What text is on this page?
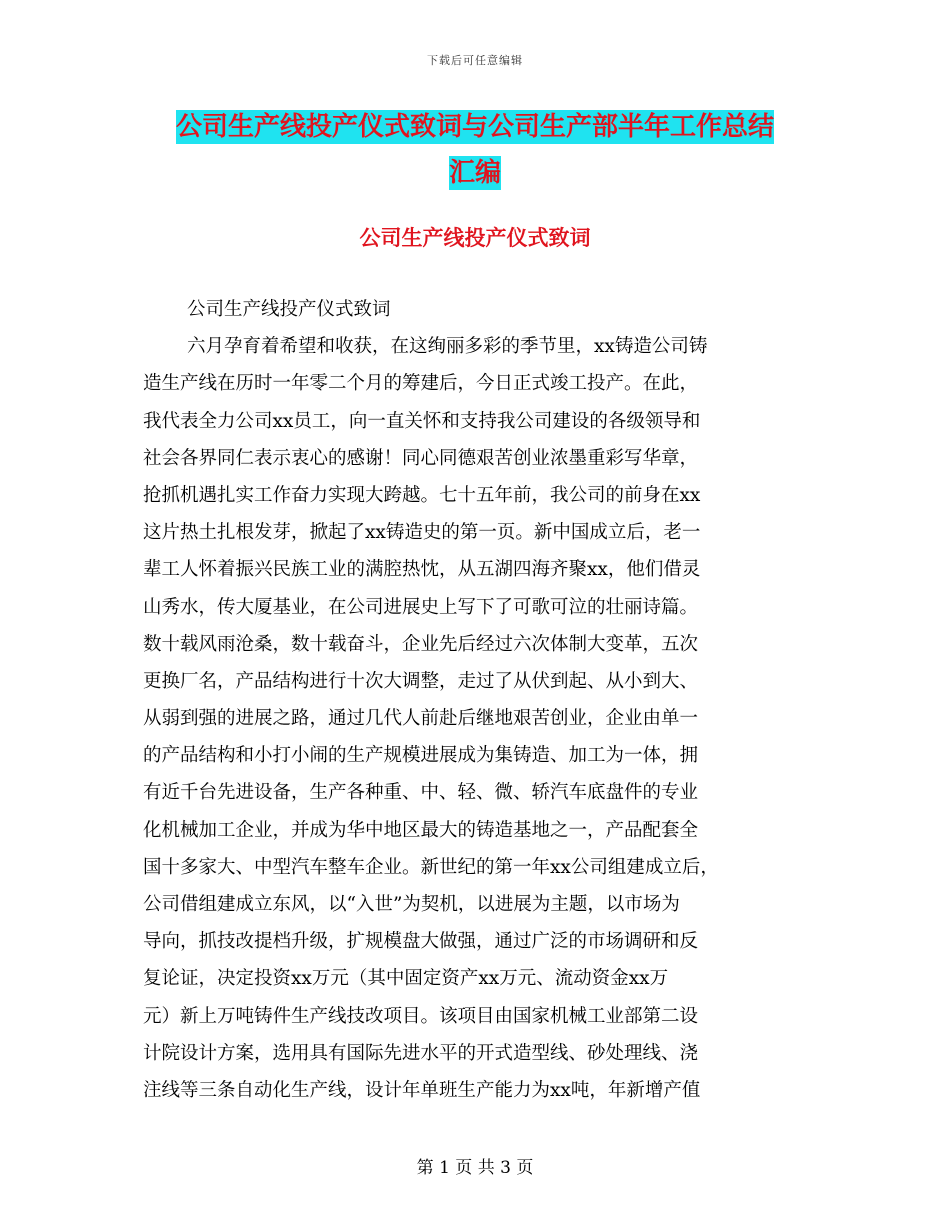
下载后可任意编辑
公司生产线投产仪式致词与公司生产部半年工作总结
汇编
公司生产线投产仪式致词
公司生产线投产仪式致词
六月孕育着希望和收获，在这绚丽多彩的季节里，xx铸造公司铸
造生产线在历时一年零二个月的筹建后，今日正式竣工投产。在此，
我代表全力公司xx员工，向一直关怀和支持我公司建设的各级领导和
社会各界同仁表示衷心的感谢！同心同德艰苦创业浓墨重彩写华章，
抢抓机遇扎实工作奋力实现大跨越。七十五年前，我公司的前身在xx
这片热土扎根发芽，掀起了xx铸造史的第一页。新中国成立后，老一
辈工人怀着振兴民族工业的满腔热忱，从五湖四海齐聚xx，他们借灵
山秀水，传大厦基业，在公司进展史上写下了可歌可泣的壮丽诗篇。
数十载风雨沧桑，数十载奋斗，企业先后经过六次体制大变革，五次
更换厂名，产品结构进行十次大调整，走过了从伏到起、从小到大、
从弱到强的进展之路，通过几代人前赴后继地艰苦创业，企业由单一
的产品结构和小打小闹的生产规模进展成为集铸造、加工为一体，拥
有近千台先进设备，生产各种重、中、轻、微、轿汽车底盘件的专业
化机械加工企业，并成为华中地区最大的铸造基地之一，产品配套全
国十多家大、中型汽车整车企业。新世纪的第一年xx公司组建成立后，
公司借组建成立东风，以“入世”为契机，以进展为主题，以市场为
导向，抓技改提档升级，扩规模盘大做强，通过广泛的市场调研和反
复论证，决定投资xx万元（其中固定资产xx万元、流动资金xx万
元）新上万吨铸件生产线技改项目。该项目由国家机械工业部第二设
计院设计方案，选用具有国际先进水平的开式造型线、砂处理线、浇
注线等三条自动化生产线，设计年单班生产能力为xx吨，年新增产值
第 1 页 共 3 页
